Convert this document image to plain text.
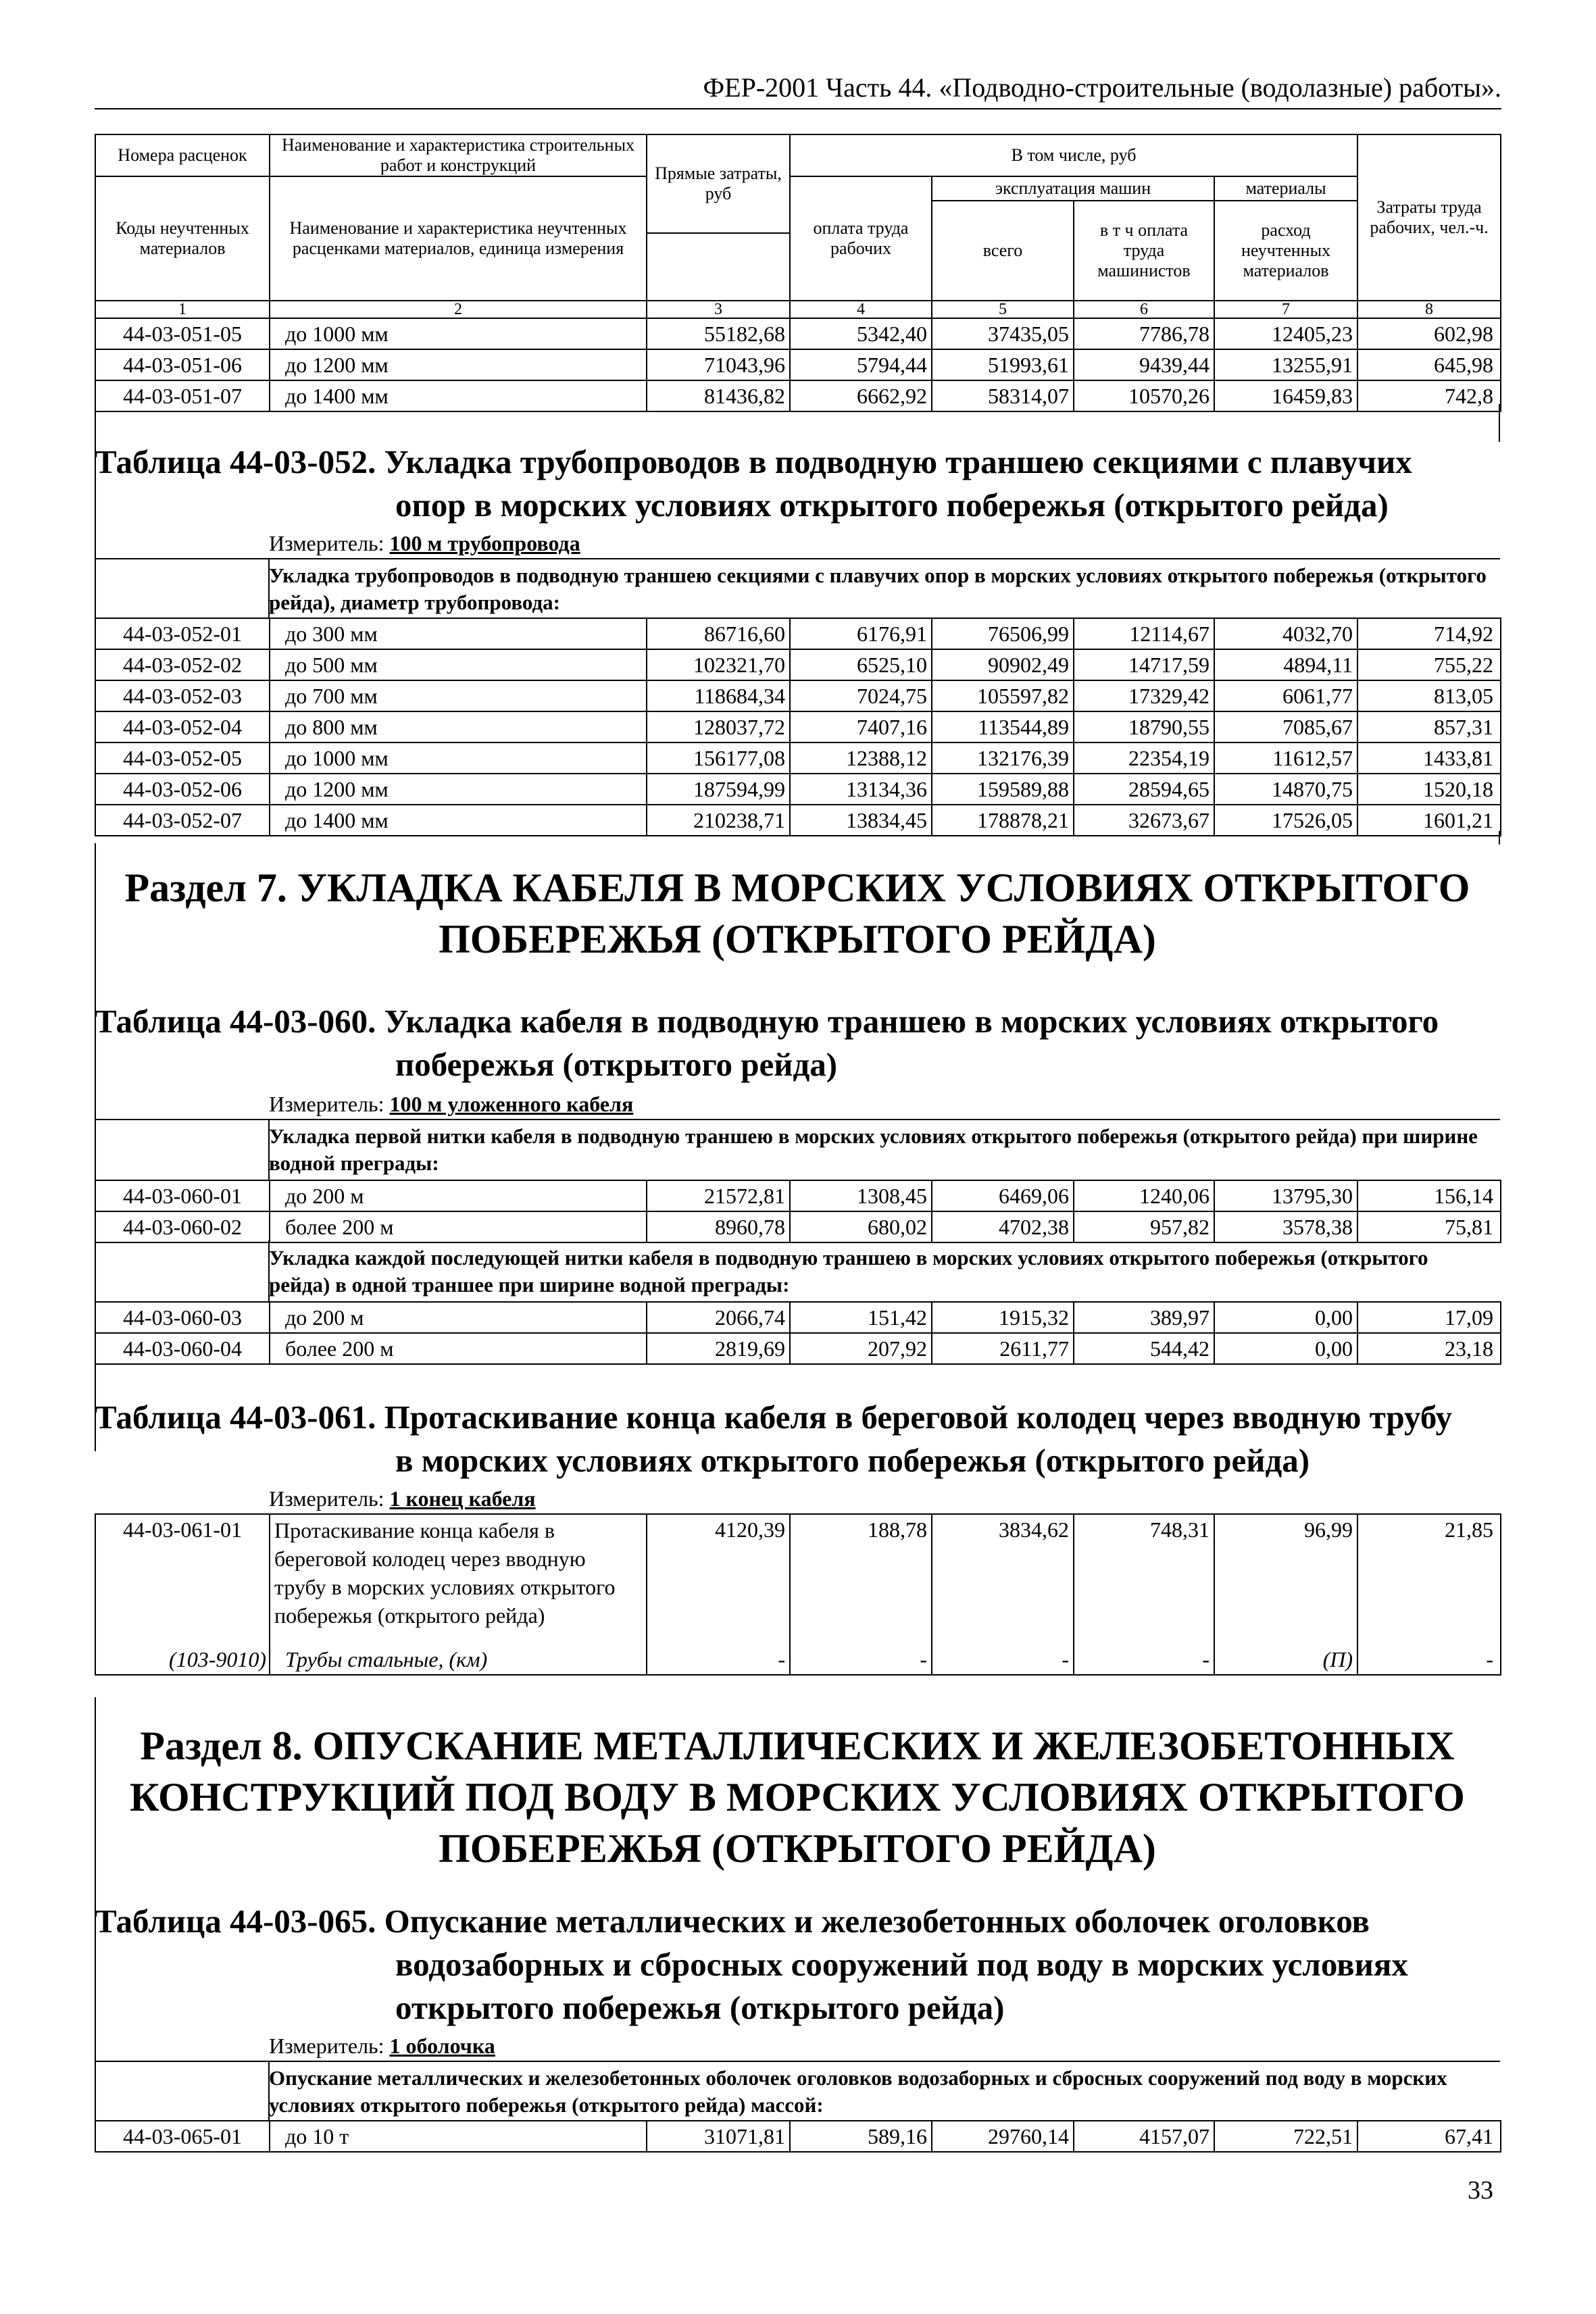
ФЕР-2001 Часть 44. «Подводно-строительные (водолазные) работы».
Номера расценок	Наименование и характеристика строительных работ и конструкций	Прямые затраты, руб	В том числе, руб				Затраты труда рабочих, чел.-ч.
Коды неучтенных материалов	Наименование и характеристика неучтенных расценками материалов, единица измерения		оплата труда рабочих	эксплуатация машин		материалы	
				всего	в т ч оплата труда машинистов	расход неучтенных материалов	

1	2	3	4	5	6	7	8
44-03-051-05	до 1000 мм	55182,68	5342,40	37435,05	7786,78	12405,23	602,98
44-03-051-06	до 1200 мм	71043,96	5794,44	51993,61	9439,44	13255,91	645,98
44-03-051-07	до 1400 мм	81436,82	6662,92	58314,07	10570,26	16459,83	742,8
Таблица 44-03-052. Укладка трубопроводов в подводную траншею секциями с плавучих
опор в морских условиях открытого побережья (открытого рейда)
Измеритель: 100 м трубопровода
Укладка трубопроводов в подводную траншею секциями с плавучих опор в морских условиях открытого побережья (открытого рейда), диаметр трубопровода:
44-03-052-01	до 300 мм	86716,60	6176,91	76506,99	12114,67	4032,70	714,92
44-03-052-02	до 500 мм	102321,70	6525,10	90902,49	14717,59	4894,11	755,22
44-03-052-03	до 700 мм	118684,34	7024,75	105597,82	17329,42	6061,77	813,05
44-03-052-04	до 800 мм	128037,72	7407,16	113544,89	18790,55	7085,67	857,31
44-03-052-05	до 1000 мм	156177,08	12388,12	132176,39	22354,19	11612,57	1433,81
44-03-052-06	до 1200 мм	187594,99	13134,36	159589,88	28594,65	14870,75	1520,18
44-03-052-07	до 1400 мм	210238,71	13834,45	178878,21	32673,67	17526,05	1601,21
Раздел 7. УКЛАДКА КАБЕЛЯ В МОРСКИХ УСЛОВИЯХ ОТКРЫТОГО
ПОБЕРЕЖЬЯ (ОТКРЫТОГО РЕЙДА)
Таблица 44-03-060. Укладка кабеля в подводную траншею в морских условиях открытого
побережья (открытого рейда)
Измеритель: 100 м уложенного кабеля
Укладка первой нитки кабеля в подводную траншею в морских условиях открытого побережья (открытого рейда) при ширине водной преграды:
44-03-060-01	до 200 м	21572,81	1308,45	6469,06	1240,06	13795,30	156,14
44-03-060-02	более 200 м	8960,78	680,02	4702,38	957,82	3578,38	75,81
Укладка каждой последующей нитки кабеля в подводную траншею в морских условиях открытого побережья (открытого рейда) в одной траншее при ширине водной преграды:
44-03-060-03	до 200 м	2066,74	151,42	1915,32	389,97	0,00	17,09
44-03-060-04	более 200 м	2819,69	207,92	2611,77	544,42	0,00	23,18
Таблица 44-03-061. Протаскивание конца кабеля в береговой колодец через вводную трубу
в морских условиях открытого побережья (открытого рейда)
Измеритель: 1 конец кабеля
44-03-061-01	Протаскивание конца кабеля в береговой колодец через вводную трубу в морских условиях открытого побережья (открытого рейда)	4120,39	188,78	3834,62	748,31	96,99	21,85
(103-9010)	Трубы стальные, (км)	-	-	-	-	(П)	-
Раздел 8. ОПУСКАНИЕ МЕТАЛЛИЧЕСКИХ И ЖЕЛЕЗОБЕТОННЫХ
КОНСТРУКЦИЙ ПОД ВОДУ В МОРСКИХ УСЛОВИЯХ ОТКРЫТОГО
ПОБЕРЕЖЬЯ (ОТКРЫТОГО РЕЙДА)
Таблица 44-03-065. Опускание металлических и железобетонных оболочек оголовков
водозаборных и сбросных сооружений под воду в морских условиях
открытого побережья (открытого рейда)
Измеритель: 1 оболочка
Опускание металлических и железобетонных оболочек оголовков водозаборных и сбросных сооружений под воду в морских условиях открытого побережья (открытого рейда) массой:
44-03-065-01	до 10 т	31071,81	589,16	29760,14	4157,07	722,51	67,41
33
